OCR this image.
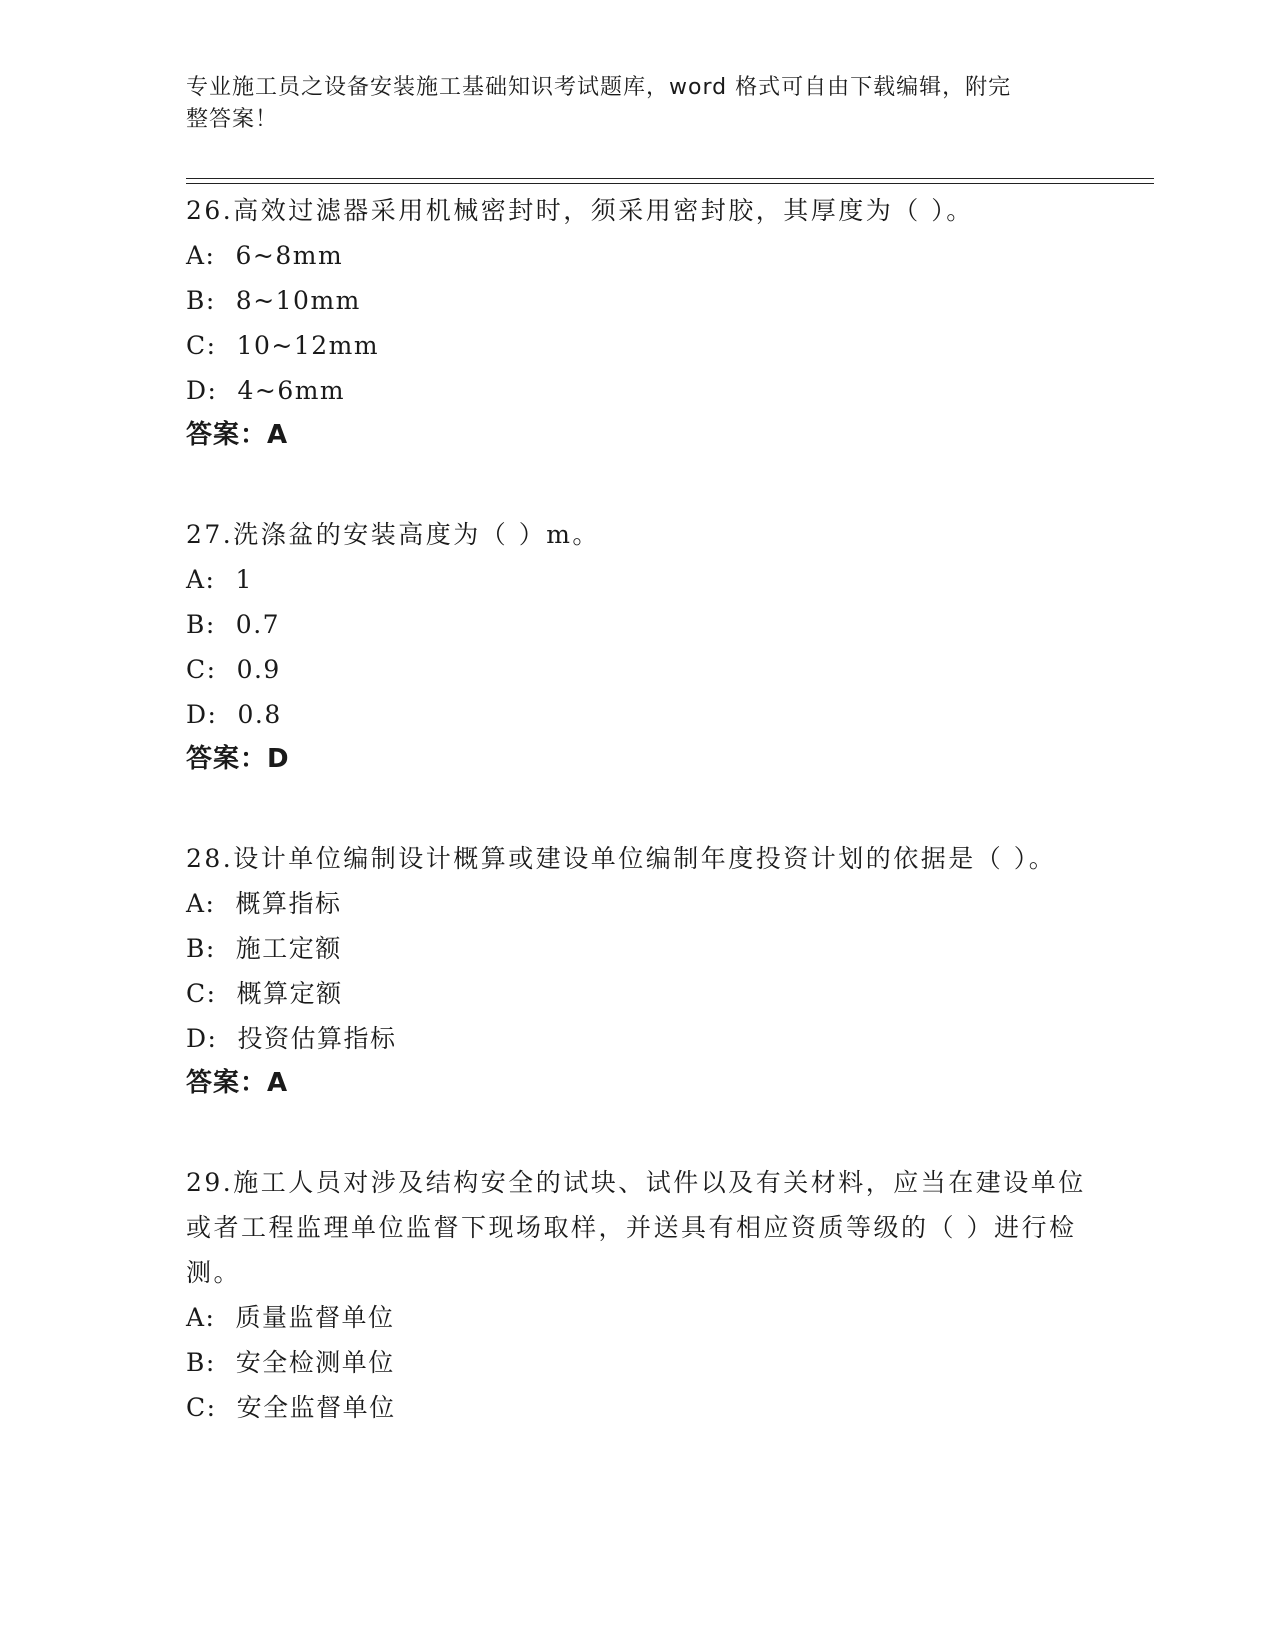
专业施工员之设备安装施工基础知识考试题库，word 格式可自由下载编辑，附完
整答案！

26.高效过滤器采用机械密封时，须采用密封胶，其厚度为（ ）。

A: 6~8mm
B: 8~10mm
C: 10~12mm
D: 4~6mm
答案：A

27.洗涤盆的安装高度为（ ）m。

A: 1
B: 0.7
C: 0.9
D: 0.8
答案：D

28.设计单位编制设计概算或建设单位编制年度投资计划的依据是（ ）。

A: 概算指标
B: 施工定额
C: 概算定额
D: 投资估算指标
答案：A

29.施工人员对涉及结构安全的试块、试件以及有关材料，应当在建设单位或者工程监理单位监督下现场取样，并送具有相应资质等级的（ ）进行检测。

A: 质量监督单位
B: 安全检测单位
C: 安全监督单位
